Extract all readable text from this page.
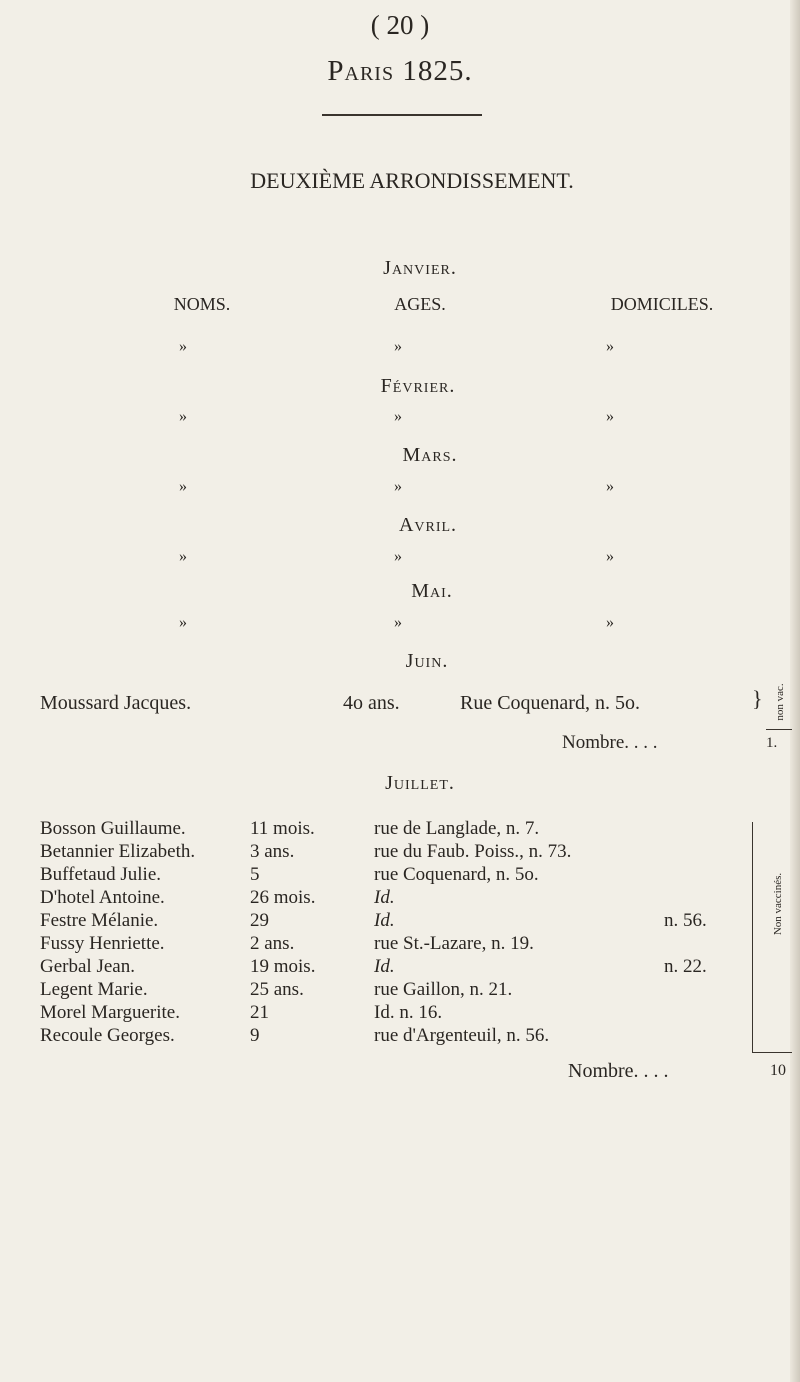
( 20 )
Paris 1825.
DEUXIÈME ARRONDISSEMENT.
Janvier.
NOMS.	AGES.	DOMICILES.
»	»	»
Février.
»	»	»
Mars.
»	»	»
Avril.
»	»	»
Mai.
»	»	»
Juin.
Moussard Jacques.	4o ans.	Rue Coquenard, n. 5o.	} non vac.
Nombre. . . .	1.
Juillet.
Bosson Guillaume.	11 mois.	rue de Langlade, n. 7.
Betannier Elizabeth.	3 ans.	rue du Faub. Poiss., n. 73.
Buffetaud Julie.	5	rue Coquenard, n. 5o.
D'hotel Antoine.	26 mois.	Id.
Festre Mélanie.	29	Id.	n. 56.
Fussy Henriette.	2 ans.	rue St.-Lazare, n. 19.
Gerbal Jean.	19 mois.	Id.	n. 22.
Legent Marie.	25 ans.	rue Gaillon, n. 21.
Morel Marguerite.	21	Id. n. 16.
Recoule Georges.	9	rue d'Argenteuil, n. 56.
Non vaccinés.
Nombre. . . .	10
